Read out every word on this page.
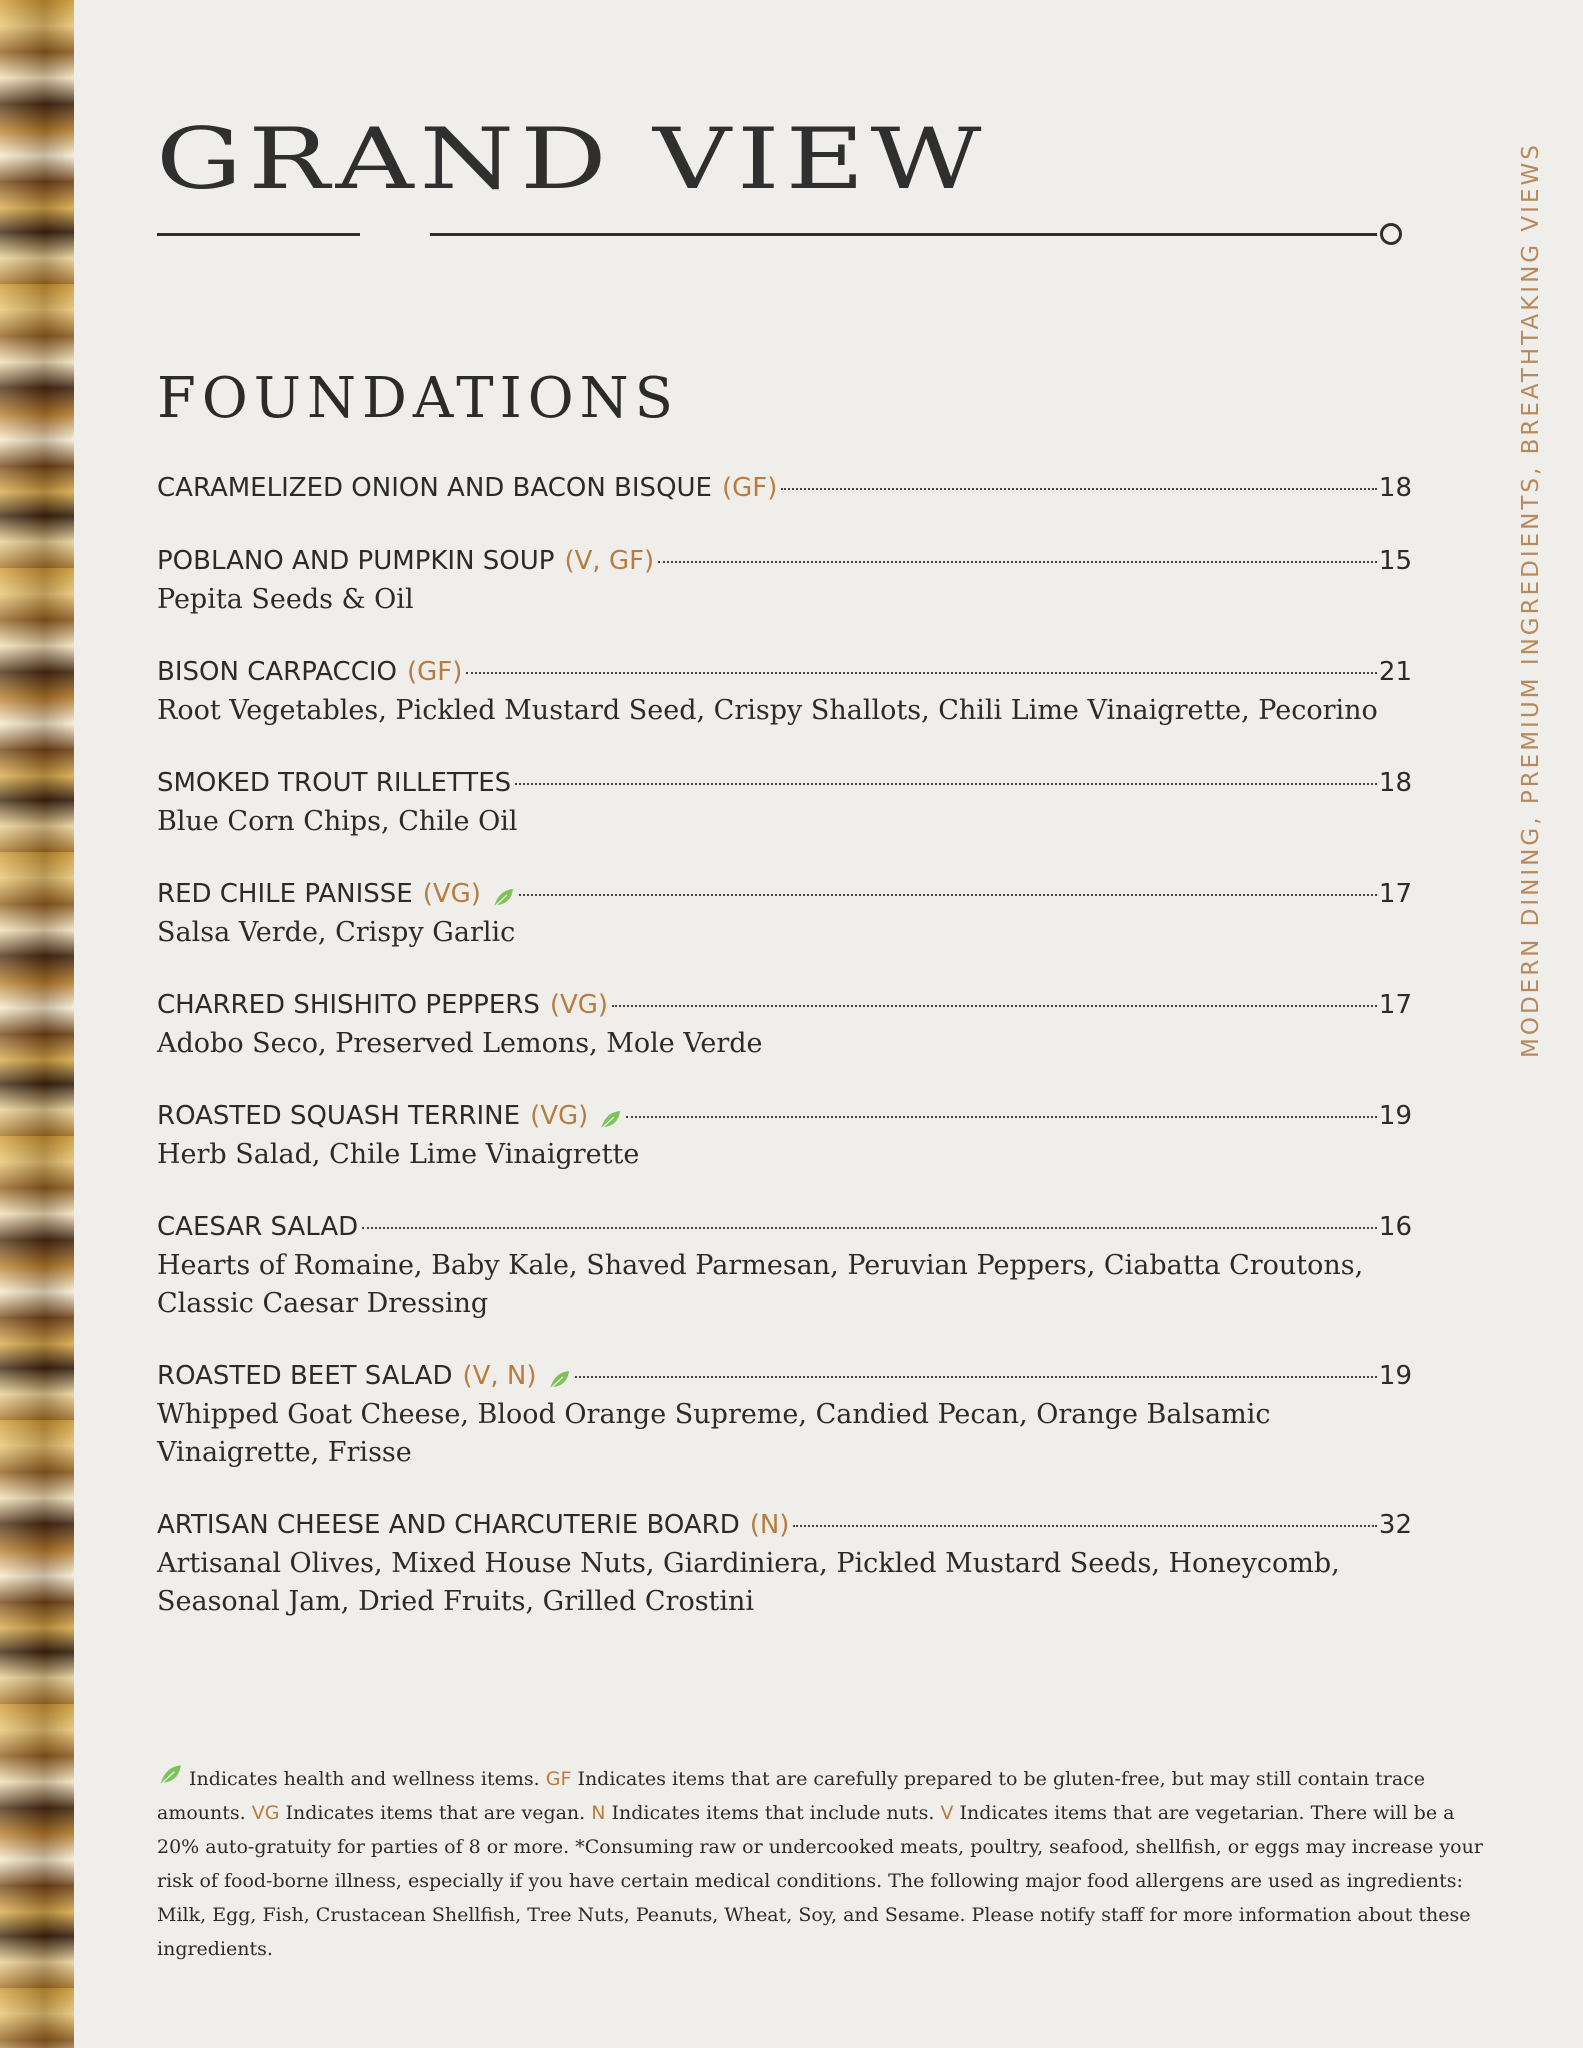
GRAND VIEW	MODERN DINING, PREMIUM INGREDIENTS, BREATHTAKING VIEWS
FOUNDATIONS
CARAMELIZED ONION AND BACON BISQUE (GF)	18
POBLANO AND PUMPKIN SOUP (V, GF)	15
Pepita Seeds & Oil
BISON CARPACCIO (GF)	21
Root Vegetables, Pickled Mustard Seed, Crispy Shallots, Chili Lime Vinaigrette, Pecorino
SMOKED TROUT RILLETTES	18
Blue Corn Chips, Chile Oil
RED CHILE PANISSE (VG)	17
Salsa Verde, Crispy Garlic
CHARRED SHISHITO PEPPERS (VG)	17
Adobo Seco, Preserved Lemons, Mole Verde
ROASTED SQUASH TERRINE (VG)	19
Herb Salad, Chile Lime Vinaigrette
CAESAR SALAD	16
Hearts of Romaine, Baby Kale, Shaved Parmesan, Peruvian Peppers, Ciabatta Croutons, Classic Caesar Dressing
ROASTED BEET SALAD (V, N)	19
Whipped Goat Cheese, Blood Orange Supreme, Candied Pecan, Orange Balsamic Vinaigrette, Frisse
ARTISAN CHEESE AND CHARCUTERIE BOARD (N)	32
Artisanal Olives, Mixed House Nuts, Giardiniera, Pickled Mustard Seeds, Honeycomb, Seasonal Jam, Dried Fruits, Grilled Crostini
Indicates health and wellness items. GF Indicates items that are carefully prepared to be gluten-free, but may still contain trace amounts. VG Indicates items that are vegan. N Indicates items that include nuts. V Indicates items that are vegetarian. There will be a 20% auto-gratuity for parties of 8 or more. *Consuming raw or undercooked meats, poultry, seafood, shellfish, or eggs may increase your risk of food-borne illness, especially if you have certain medical conditions. The following major food allergens are used as ingredients: Milk, Egg, Fish, Crustacean Shellfish, Tree Nuts, Peanuts, Wheat, Soy, and Sesame. Please notify staff for more information about these ingredients.
